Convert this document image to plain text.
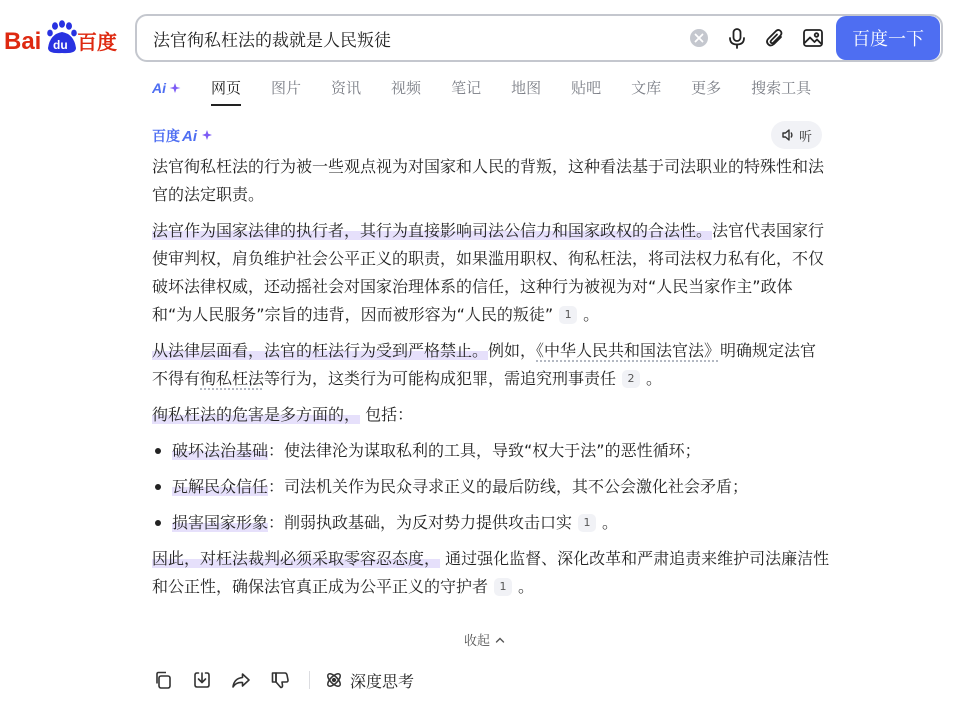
Bai du 百度
法官徇私枉法的裁就是人民叛徒	百度一下
Ai	网页 图片 资讯 视频 笔记 地图 贴吧 文库 更多 搜索工具
百度 Ai	听

法官徇私枉法的行为被一些观点视为对国家和人民的背叛，这种看法基于司法职业的特殊性和法官的法定职责。

法官作为国家法律的执行者，其行为直接影响司法公信力和国家政权的合法性。法官代表国家行使审判权，肩负维护社会公平正义的职责，如果滥用职权、徇私枉法，将司法权力私有化，不仅破坏法律权威，还动摇社会对国家治理体系的信任，这种行为被视为对“人民当家作主”政体和“为人民服务”宗旨的违背，因而被形容为“人民的叛徒” 1 。

从法律层面看，法官的枉法行为受到严格禁止。例如，《中华人民共和国法官法》明确规定法官不得有徇私枉法等行为，这类行为可能构成犯罪，需追究刑事责任 2 。

徇私枉法的危害是多方面的， 包括：

破坏法治基础：使法律沦为谋取私利的工具，导致“权大于法”的恶性循环；
瓦解民众信任：司法机关作为民众寻求正义的最后防线，其不公会激化社会矛盾；
损害国家形象：削弱执政基础，为反对势力提供攻击口实 1 。

因此，对枉法裁判必须采取零容忍态度， 通过强化监督、深化改革和严肃追责来维护司法廉洁性和公正性，确保法官真正成为公平正义的守护者 1 。

收起
深度思考
